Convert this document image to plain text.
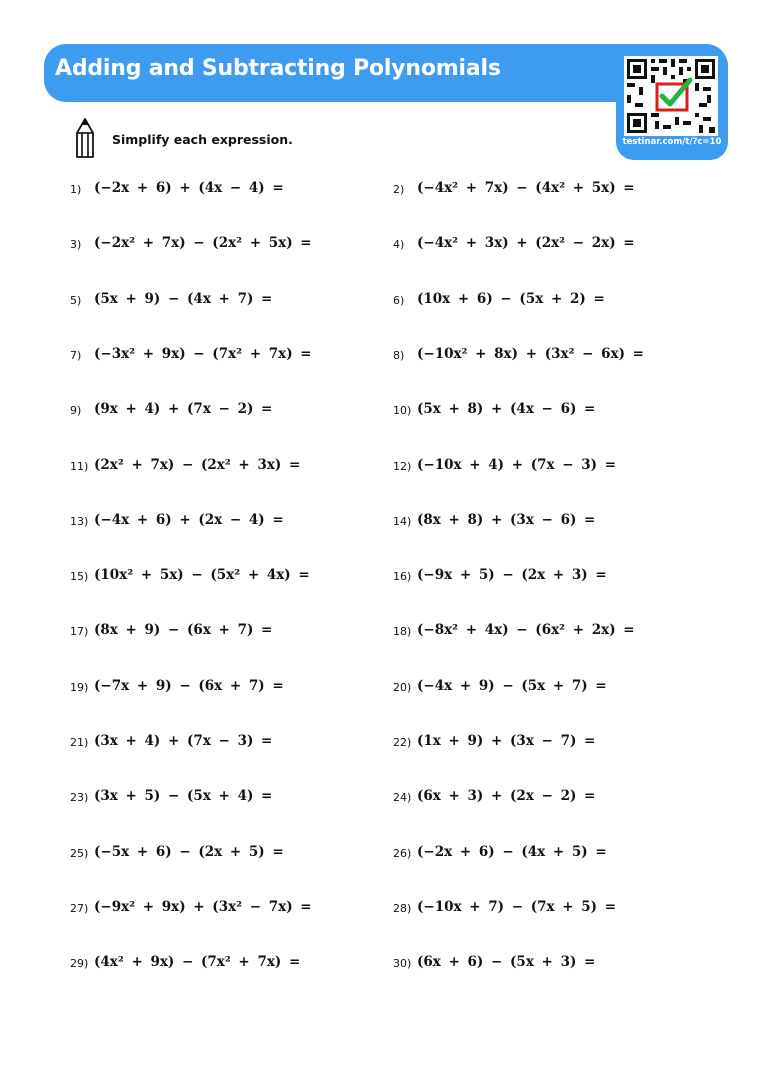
Adding and Subtracting Polynomials
testinar.com/t/?c=10
Simplify each expression.
1) (−2x + 6) + (4x − 4) =	2) (−4x² + 7x) − (4x² + 5x) =
3) (−2x² + 7x) − (2x² + 5x) =	4) (−4x² + 3x) + (2x² − 2x) =
5) (5x + 9) − (4x + 7) =	6) (10x + 6) − (5x + 2) =
7) (−3x² + 9x) − (7x² + 7x) =	8) (−10x² + 8x) + (3x² − 6x) =
9) (9x + 4) + (7x − 2) =	10) (5x + 8) + (4x − 6) =
11) (2x² + 7x) − (2x² + 3x) =	12) (−10x + 4) + (7x − 3) =
13) (−4x + 6) + (2x − 4) =	14) (8x + 8) + (3x − 6) =
15) (10x² + 5x) − (5x² + 4x) =	16) (−9x + 5) − (2x + 3) =
17) (8x + 9) − (6x + 7) =	18) (−8x² + 4x) − (6x² + 2x) =
19) (−7x + 9) − (6x + 7) =	20) (−4x + 9) − (5x + 7) =
21) (3x + 4) + (7x − 3) =	22) (1x + 9) + (3x − 7) =
23) (3x + 5) − (5x + 4) =	24) (6x + 3) + (2x − 2) =
25) (−5x + 6) − (2x + 5) =	26) (−2x + 6) − (4x + 5) =
27) (−9x² + 9x) + (3x² − 7x) =	28) (−10x + 7) − (7x + 5) =
29) (4x² + 9x) − (7x² + 7x) =	30) (6x + 6) − (5x + 3) =
